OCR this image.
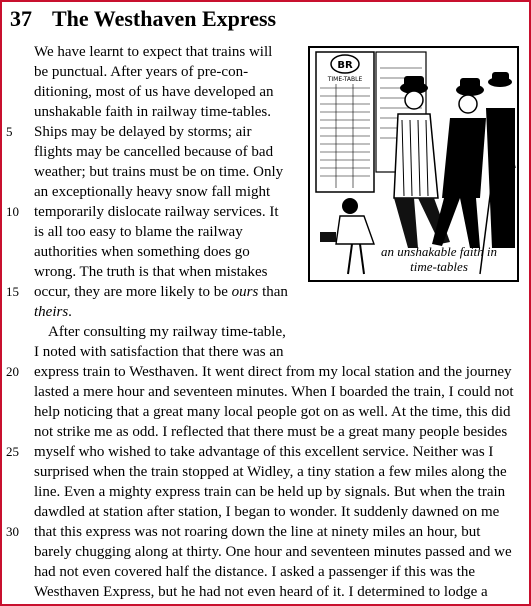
37 The Westhaven Express
We have learnt to expect that trains will
be punctual. After years of pre-con-
ditioning, most of us have developed an
unshakable faith in railway time-tables.
Ships may be delayed by storms; air
flights may be cancelled because of bad
weather; but trains must be on time. Only
an exceptionally heavy snow fall might
temporarily dislocate railway services. It
is all too easy to blame the railway
authorities when something does go
wrong. The truth is that when mistakes
occur, they are more likely to be ours than
theirs.
After consulting my railway time-table,
I noted with satisfaction that there was an
express train to Westhaven. It went direct from my local station and the journey
lasted a mere hour and seventeen minutes. When I boarded the train, I could not
help noticing that a great many local people got on as well. At the time, this did
not strike me as odd. I reflected that there must be a great many people besides
myself who wished to take advantage of this excellent service. Neither was I
surprised when the train stopped at Widley, a tiny station a few miles along the
line. Even a mighty express train can be held up by signals. But when the train
dawdled at station after station, I began to wonder. It suddenly dawned on me
that this express was not roaring down the line at ninety miles an hour, but
barely chugging along at thirty. One hour and seventeen minutes passed and we
had not even covered half the distance. I asked a passenger if this was the
Westhaven Express, but he had not even heard of it. I determined to lodge a
5
10
15
20
25
30
BR
TIME-TABLE
an unshakable faith in
time-tables
